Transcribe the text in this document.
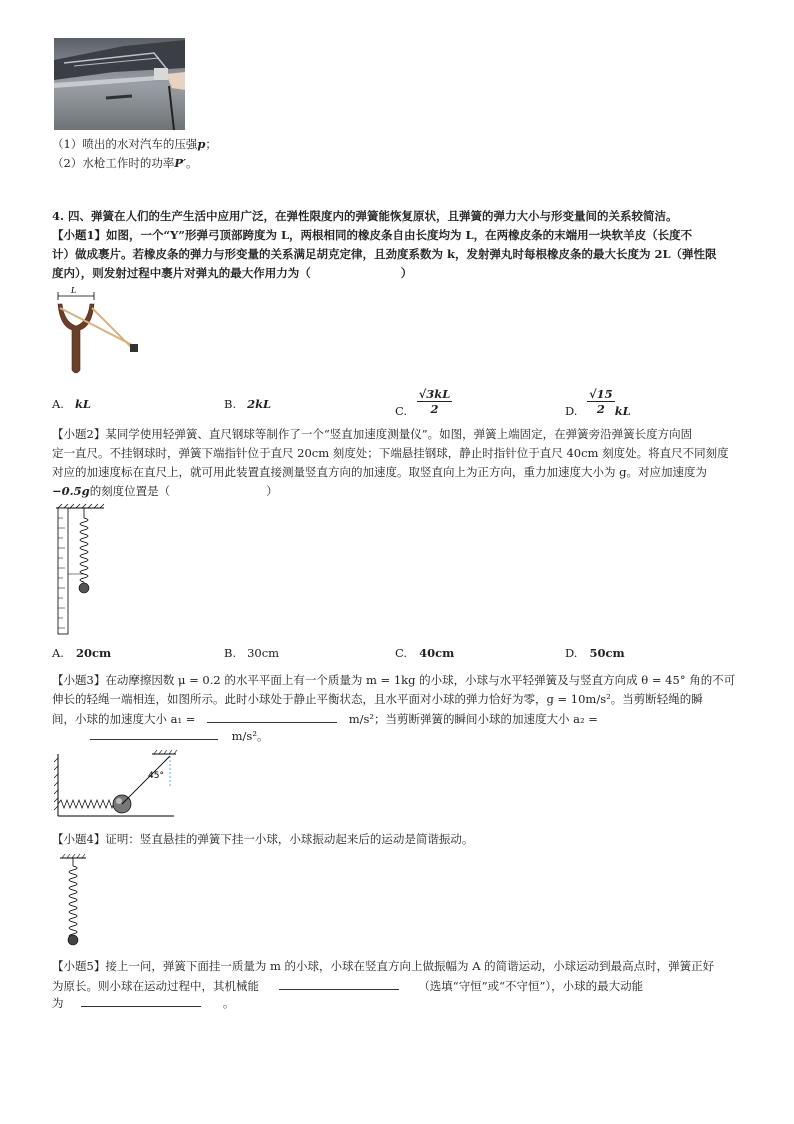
（1）喷出的水对汽车的压强p；
（2）水枪工作时的功率P′。
4. 四、弹簧在人们的生产生活中应用广泛，在弹性限度内的弹簧能恢复原状，且弹簧的弹力大小与形变量间的关系较简洁。
【小题1】如图，一个“Y”形弹弓顶部跨度为 L，两根相同的橡皮条自由长度均为 L，在两橡皮条的末端用一块软羊皮（长度不
计）做成裹片。若橡皮条的弹力与形变量的关系满足胡克定律，且劲度系数为 k，发射弹丸时每根橡皮条的最大长度为 2L（弹性限
度内），则发射过程中裹片对弹丸的最大作用力为（	）
L
A. kL	B. 2kL	C. $\frac{√3kL}{2}$	D. $\frac{√15}{2}$ kL
【小题2】某同学使用轻弹簧、直尺钢球等制作了一个“竖直加速度测量仪”。如图，弹簧上端固定，在弹簧旁沿弹簧长度方向固
定一直尺。不挂钢球时，弹簧下端指针位于直尺 20cm 刻度处；下端悬挂钢球，静止时指针位于直尺 40cm 刻度处。将直尺不同刻度
对应的加速度标在直尺上，就可用此装置直接测量竖直方向的加速度。取竖直向上为正方向，重力加速度大小为 g。对应加速度为
−0.5g的刻度位置是（	）
A. 20cm	B. 30cm	C. 40cm	D. 50cm
【小题3】在动摩擦因数 μ = 0.2 的水平平面上有一个质量为 m = 1kg 的小球，小球与水平轻弹簧及与竖直方向成 θ = 45° 角的不可
伸长的轻绳一端相连，如图所示。此时小球处于静止平衡状态，且水平面对小球的弹力恰好为零，g = 10m/s²。当剪断轻绳的瞬
间，小球的加速度大小 a₁ =	m/s²；当剪断弹簧的瞬间小球的加速度大小 a₂ =
m/s²。
45°
【小题4】证明：竖直悬挂的弹簧下挂一小球，小球振动起来后的运动是简谐振动。
【小题5】接上一问，弹簧下面挂一质量为 m 的小球，小球在竖直方向上做振幅为 A 的简谐运动，小球运动到最高点时，弹簧正好
为原长。则小球在运动过程中，其机械能	（选填“守恒”或“不守恒”），小球的最大动能
为	。
